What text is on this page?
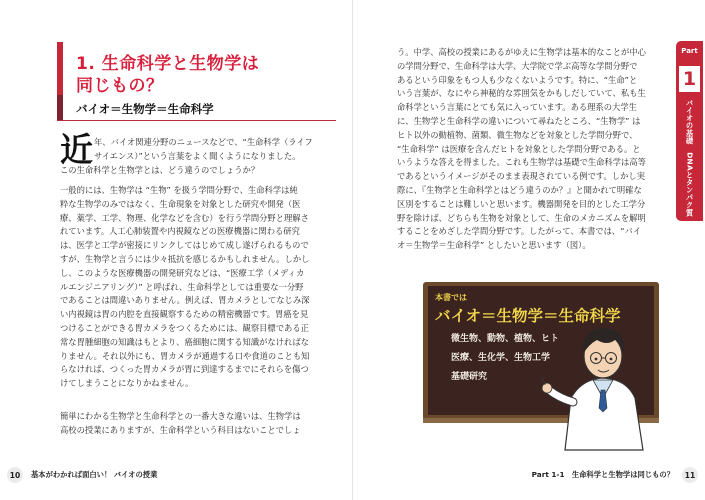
1. 生命科学と生物学は
同じもの？
バイオ＝生物学＝生命科学
近 年、バイオ関連分野のニュースなどで、“生命科学（ライフ
サイエンス）”という言葉をよく聞くようになりました。
この生命科学と生物学とは、どう違うのでしょうか？
一般的には、生物学は “生物” を扱う学問分野で、生命科学は純
粋な生物学のみではなく、生命現象を対象とした研究や開発（医
療、薬学、工学、物理、化学などを含む）を行う学問分野と理解さ
れています。人工心肺装置や内視鏡などの医療機器に関わる研究
は、医学と工学が密接にリンクしてはじめて成し遂げられるもので
すが、生物学と言うには少々抵抗を感じるかもしれません。しかし
し、このような医療機器の開発研究などは、“医療工学（メディカ
ルエンジニアリング）” と呼ばれ、生命科学としては重要な一分野
であることは間違いありません。例えば、胃カメラとしてなじみ深
い内視鏡は胃の内腔を直接観察するための精密機器です。胃癌を見
つけることができる胃カメラをつくるためには、観察目標である正
常な胃腫細胞の知識はもとより、癌細胞に関する知識がなければな
りません。それ以外にも、胃カメラが通過する口や食道のことも知
らなければ、つくった胃カメラが胃に到達するまでにそれらを傷つ
けてしまうことになりかねません。
簡単にわかる生物学と生命科学との一番大きな違いは、生物学は
高校の授業にありますが、生命科学という科目はないことでしょ
10	基本がわかれば面白い！ バイオの授業
う。中学、高校の授業にあるがゆえに生物学は基本的なことが中心
の学問分野で、生命科学は大学、大学院で学ぶ高等な学問分野で
あるという印象をもつ人も少なくないようです。特に、“生命”と
いう言葉が、なにやら神秘的な雰囲気をかもしだしていて、私も生
命科学という言葉にとても気に入っています。ある理系の大学生
に、生物学と生命科学の違いについて尋ねたところ、“生物学” は
ヒト以外の動植物、菌類、微生物などを対象とした学問分野で、
“生命科学” は医療を含んだヒトを対象とした学問分野である。と
いうような答えを得ました。これも生物学は基礎で生命科学は高等
であるというイメージがそのまま表現されている例です。しかし実
際に、『生物学と生命科学とはどう違うのか？』と聞かれて明確な
区別をすることは難しいと思います。機器開発を目的とした工学分
野を除けば、どちらも生物を対象として、生命のメカニズムを解明
することをめざした学問分野です。したがって、本書では、“バイ
オ＝生物学＝生命科学” としたいと思います（図）。
Part
1
バイオの基礎　DNAとタンパク質
本書では
バイオ＝生物学＝生命科学
微生物、動物、植物、ヒト
医療、生化学、生物工学
基礎研究
Part 1-1　生命科学と生物学は同じもの？	11
